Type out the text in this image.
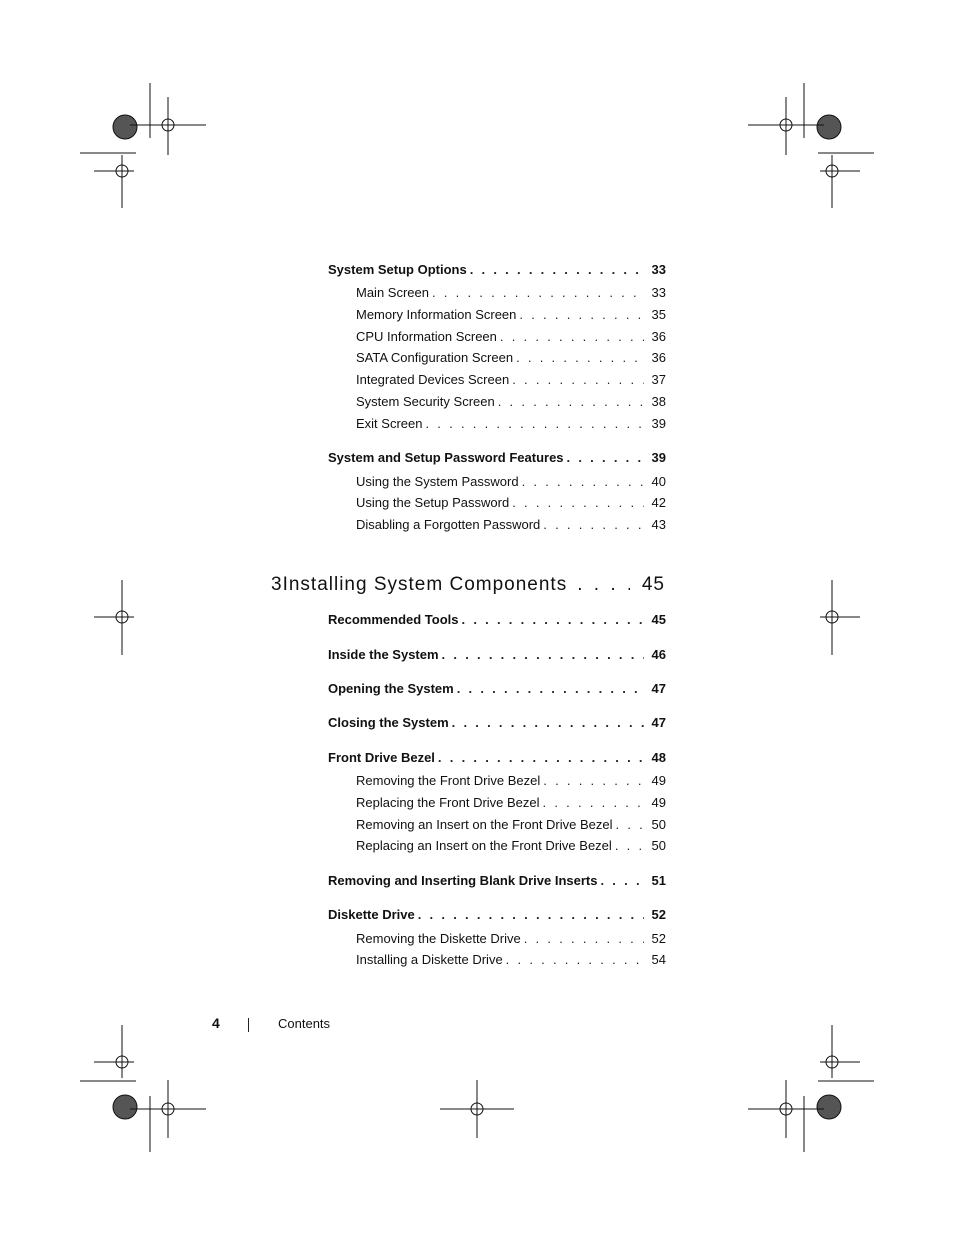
System Setup Options . . .	33
Main Screen . . .	33
Memory Information Screen . . .	35
CPU Information Screen . . .	36
SATA Configuration Screen . . .	36
Integrated Devices Screen . . .	37
System Security Screen . . .	38
Exit Screen . . .	39
System and Setup Password Features . . .	39
Using the System Password . . .	40
Using the Setup Password . . .	42
Disabling a Forgotten Password . . .	43
3 Installing System Components . . .	45
Recommended Tools . . .	45
Inside the System . . .	46
Opening the System . . .	47
Closing the System . . .	47
Front Drive Bezel . . .	48
Removing the Front Drive Bezel . . .	49
Replacing the Front Drive Bezel . . .	49
Removing an Insert on the Front Drive Bezel . . .	50
Replacing an Insert on the Front Drive Bezel . . .	50
Removing and Inserting Blank Drive Inserts . . .	51
Diskette Drive . . .	52
Removing the Diskette Drive . . .	52
Installing a Diskette Drive . . .	54
4	Contents
